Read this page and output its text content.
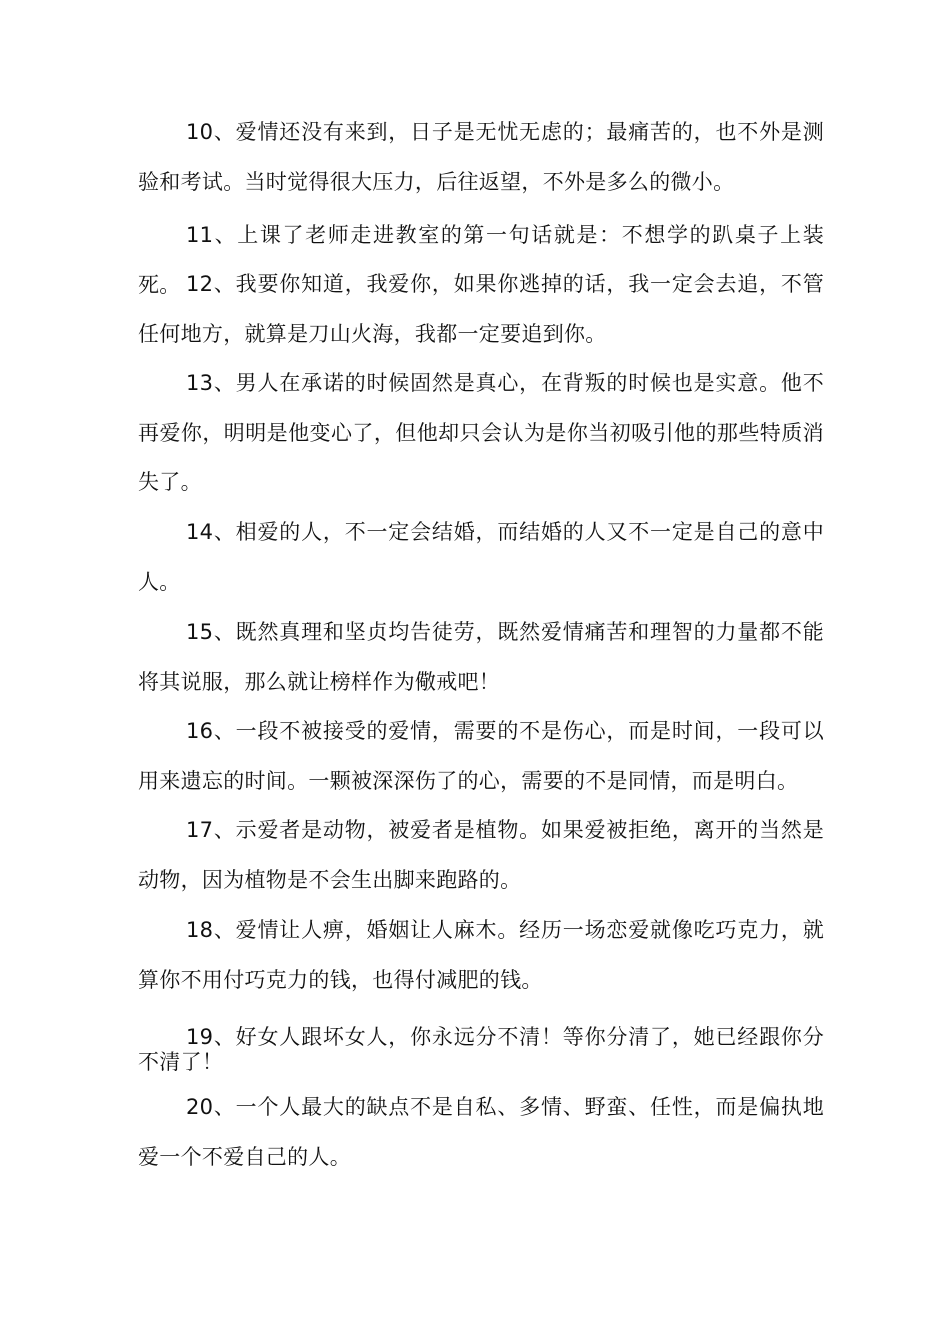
10、爱情还没有来到，日子是无忧无虑的；最痛苦的，也不外是测验和考试。当时觉得很大压力，后往返望，不外是多么的微小。

11、上课了老师走进教室的第一句话就是：不想学的趴桌子上装死。 12、我要你知道，我爱你，如果你逃掉的话，我一定会去追，不管任何地方，就算是刀山火海，我都一定要追到你。

13、男人在承诺的时候固然是真心，在背叛的时候也是实意。他不再爱你，明明是他变心了，但他却只会认为是你当初吸引他的那些特质消失了。

14、相爱的人，不一定会结婚，而结婚的人又不一定是自己的意中人。

15、既然真理和坚贞均告徒劳，既然爱情痛苦和理智的力量都不能将其说服，那么就让榜样作为儆戒吧！

16、一段不被接受的爱情，需要的不是伤心，而是时间，一段可以用来遗忘的时间。一颗被深深伤了的心，需要的不是同情，而是明白。

17、示爱者是动物，被爱者是植物。如果爱被拒绝，离开的当然是动物，因为植物是不会生出脚来跑路的。

18、爱情让人痹，婚姻让人麻木。经历一场恋爱就像吃巧克力，就算你不用付巧克力的钱，也得付减肥的钱。

19、好女人跟坏女人，你永远分不清！等你分清了，她已经跟你分不清了！

20、一个人最大的缺点不是自私、多情、野蛮、任性，而是偏执地爱一个不爱自己的人。
